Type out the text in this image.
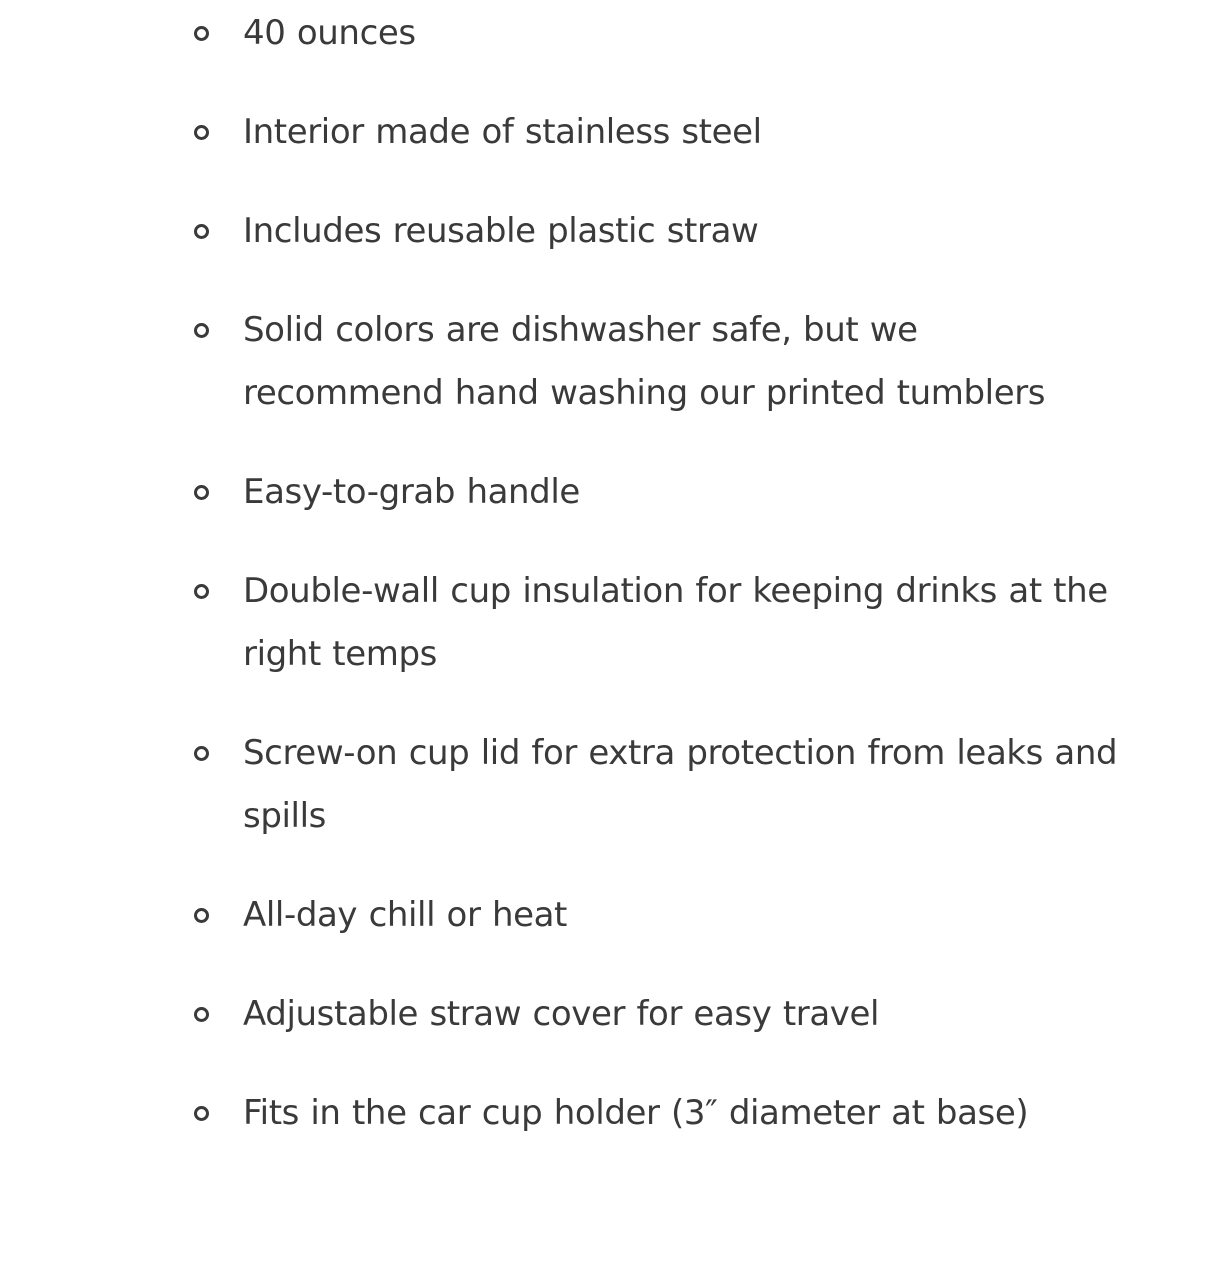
40 ounces
Interior made of stainless steel
Includes reusable plastic straw
Solid colors are dishwasher safe, but we recommend hand washing our printed tumblers
Easy-to-grab handle
Double-wall cup insulation for keeping drinks at the right temps
Screw-on cup lid for extra protection from leaks and spills
All-day chill or heat
Adjustable straw cover for easy travel
Fits in the car cup holder (3″ diameter at base)
